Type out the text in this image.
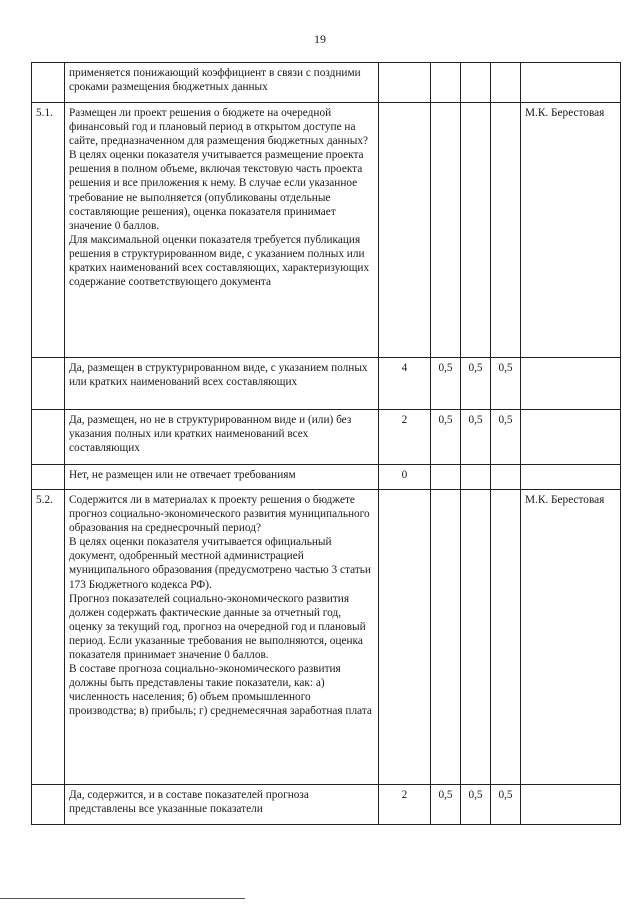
19
	применяется понижающий коэффициент в связи с поздними сроками размещения бюджетных данных					
5.1.	Размещен ли проект решения о бюджете на очередной финансовый год и плановый период в открытом доступе на сайте, предназначенном для размещения бюджетных данных?
В целях оценки показателя учитывается размещение проекта решения в полном объеме, включая текстовую часть проекта решения и все приложения к нему. В случае если указанное требование не выполняется (опубликованы отдельные составляющие решения), оценка показателя принимает значение 0 баллов.
Для максимальной оценки показателя требуется публикация решения в структурированном виде, с указанием полных или кратких наименований всех составляющих, характеризующих содержание соответствующего документа					М.К. Берестовая
	Да, размещен в структурированном виде, с указанием полных или кратких наименований всех составляющих	4	0,5	0,5	0,5	
	Да, размещен, но не в структурированном виде и (или) без указания полных или кратких наименований всех составляющих	2	0,5	0,5	0,5	
	Нет, не размещен или не отвечает требованиям	0				
5.2.	Содержится ли в материалах к проекту решения о бюджете прогноз социально-экономического развития муниципального образования на среднесрочный период?
В целях оценки показателя учитывается официальный документ, одобренный местной администрацией муниципального образования (предусмотрено частью 3 статьи 173 Бюджетного кодекса РФ).
Прогноз показателей социально-экономического развития должен содержать фактические данные за отчетный год, оценку за текущий год, прогноз на очередной год и плановый период. Если указанные требования не выполняются, оценка показателя принимает значение 0 баллов.
В составе прогноза социально-экономического развития должны быть представлены такие показатели, как: а) численность населения; б) объем промышленного производства; в) прибыль; г) среднемесячная заработная плата					М.К. Берестовая
	Да, содержится, и в составе показателей прогноза представлены все указанные показатели	2	0,5	0,5	0,5	
